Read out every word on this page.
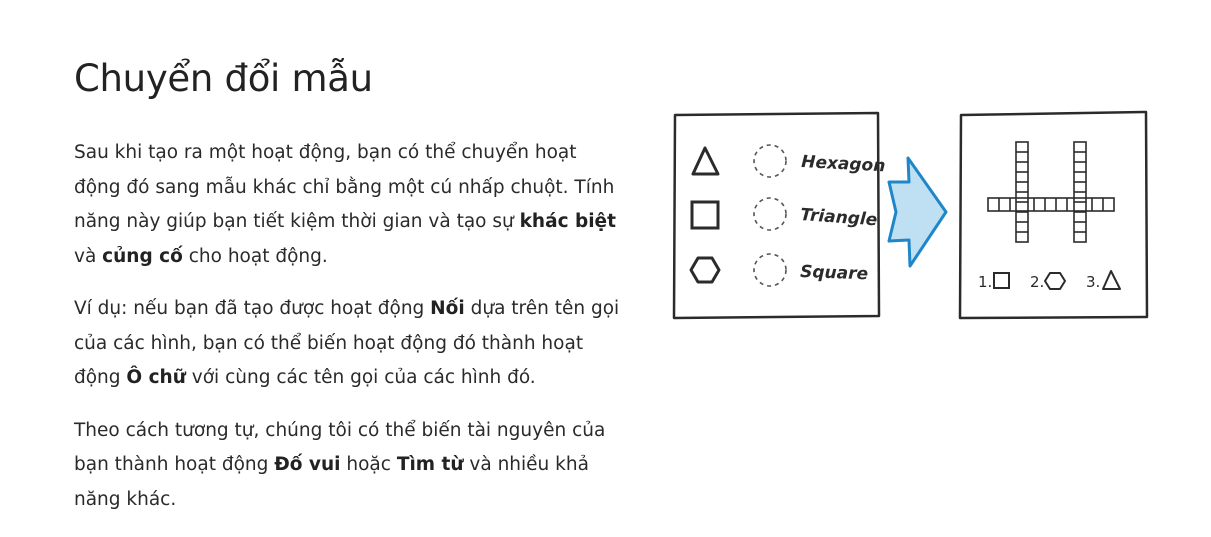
Chuyển đổi mẫu

Sau khi tạo ra một hoạt động, bạn có thể chuyển hoạt động đó sang mẫu khác chỉ bằng một cú nhấp chuột. Tính năng này giúp bạn tiết kiệm thời gian và tạo sự khác biệt và củng cố cho hoạt động.

Ví dụ: nếu bạn đã tạo được hoạt động Nối dựa trên tên gọi của các hình, bạn có thể biến hoạt động đó thành hoạt động Ô chữ với cùng các tên gọi của các hình đó.

Theo cách tương tự, chúng tôi có thể biến tài nguyên của bạn thành hoạt động Đố vui hoặc Tìm từ và nhiều khả năng khác.

Hexagon
Triangle
Square	1.	2.	3.
